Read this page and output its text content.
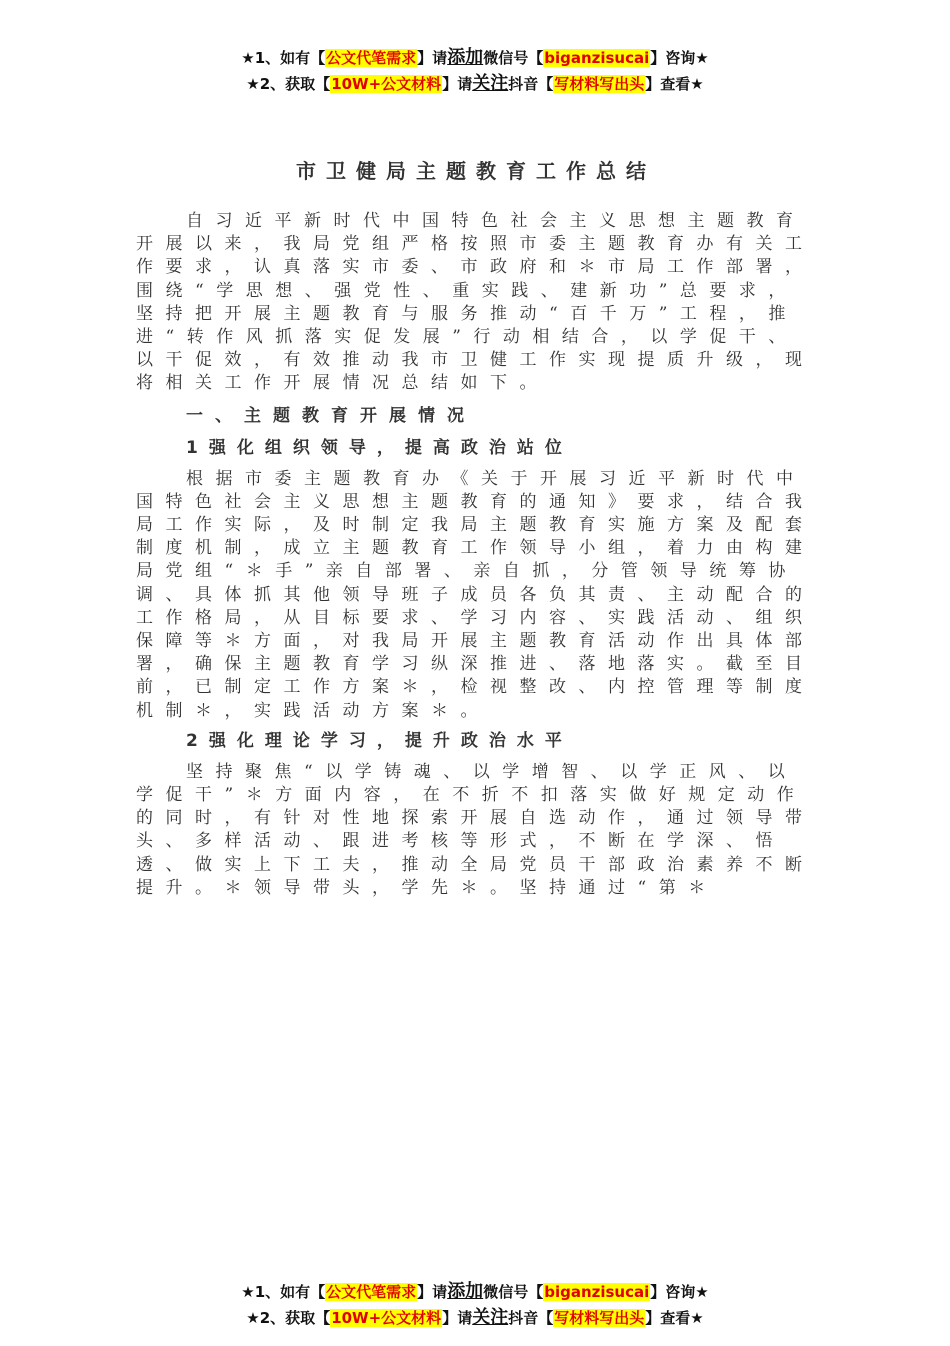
★1、如有【公文代笔需求】请添加微信号【biganzisucai】咨询★
★2、获取【10W+公文材料】请关注抖音【写材料写出头】查看★
市卫健局主题教育工作总结

自习近平新时代中国特色社会主义思想主题教育开展以来，我局党组严格按照市委主题教育办有关工作要求，认真落实市委、市政府和＊市局工作部署，围绕“学思想、强党性、重实践、建新功”总要求，坚持把开展主题教育与服务推动“百千万”工程，推进“转作风抓落实促发展”行动相结合，以学促干、以干促效，有效推动我市卫健工作实现提质升级，现将相关工作开展情况总结如下。

一、主题教育开展情况

1强化组织领导，提高政治站位

根据市委主题教育办《关于开展习近平新时代中国特色社会主义思想主题教育的通知》要求，结合我局工作实际，及时制定我局主题教育实施方案及配套制度机制，成立主题教育工作领导小组，着力由构建局党组“＊手”亲自部署、亲自抓，分管领导统筹协调、具体抓其他领导班子成员各负其责、主动配合的工作格局，从目标要求、学习内容、实践活动、组织保障等＊方面，对我局开展主题教育活动作出具体部署，确保主题教育学习纵深推进、落地落实。截至目前，已制定工作方案＊，检视整改、内控管理等制度机制＊，实践活动方案＊。

2强化理论学习，提升政治水平

坚持聚焦“以学铸魂、以学增智、以学正风、以学促干”＊方面内容，在不折不扣落实做好规定动作的同时，有针对性地探索开展自选动作，通过领导带头、多样活动、跟进考核等形式，不断在学深、悟透、做实上下工夫，推动全局党员干部政治素养不断提升。＊领导带头，学先＊。坚持通过“第＊

★1、如有【公文代笔需求】请添加微信号【biganzisucai】咨询★
★2、获取【10W+公文材料】请关注抖音【写材料写出头】查看★
